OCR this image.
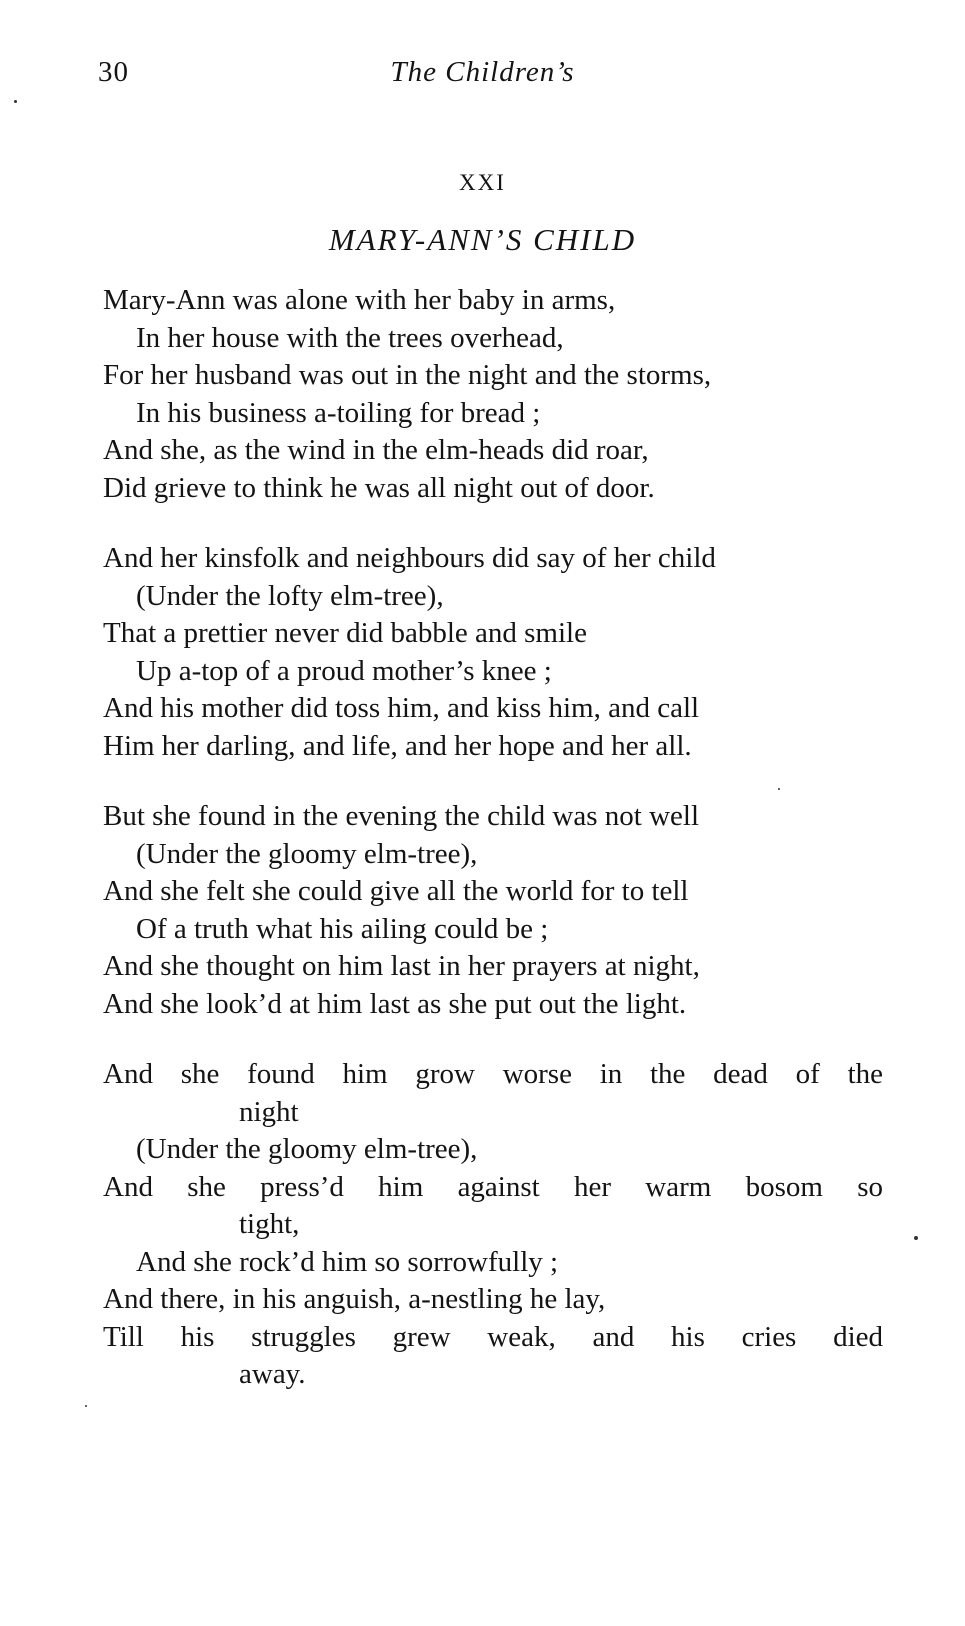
30	The Children’s
XXI
MARY-ANN’S CHILD
Mary-Ann was alone with her baby in arms,
In her house with the trees overhead,
For her husband was out in the night and the storms,
In his business a-toiling for bread ;
And she, as the wind in the elm-heads did roar,
Did grieve to think he was all night out of door.
And her kinsfolk and neighbours did say of her child
(Under the lofty elm-tree),
That a prettier never did babble and smile
Up a-top of a proud mother’s knee ;
And his mother did toss him, and kiss him, and call
Him her darling, and life, and her hope and her all.
But she found in the evening the child was not well
(Under the gloomy elm-tree),
And she felt she could give all the world for to tell
Of a truth what his ailing could be ;
And she thought on him last in her prayers at night,
And she look’d at him last as she put out the light.
And she found him grow worse in the dead of the
night
(Under the gloomy elm-tree),
And she press’d him against her warm bosom so
tight,
And she rock’d him so sorrowfully ;
And there, in his anguish, a-nestling he lay,
Till his struggles grew weak, and his cries died
away.
